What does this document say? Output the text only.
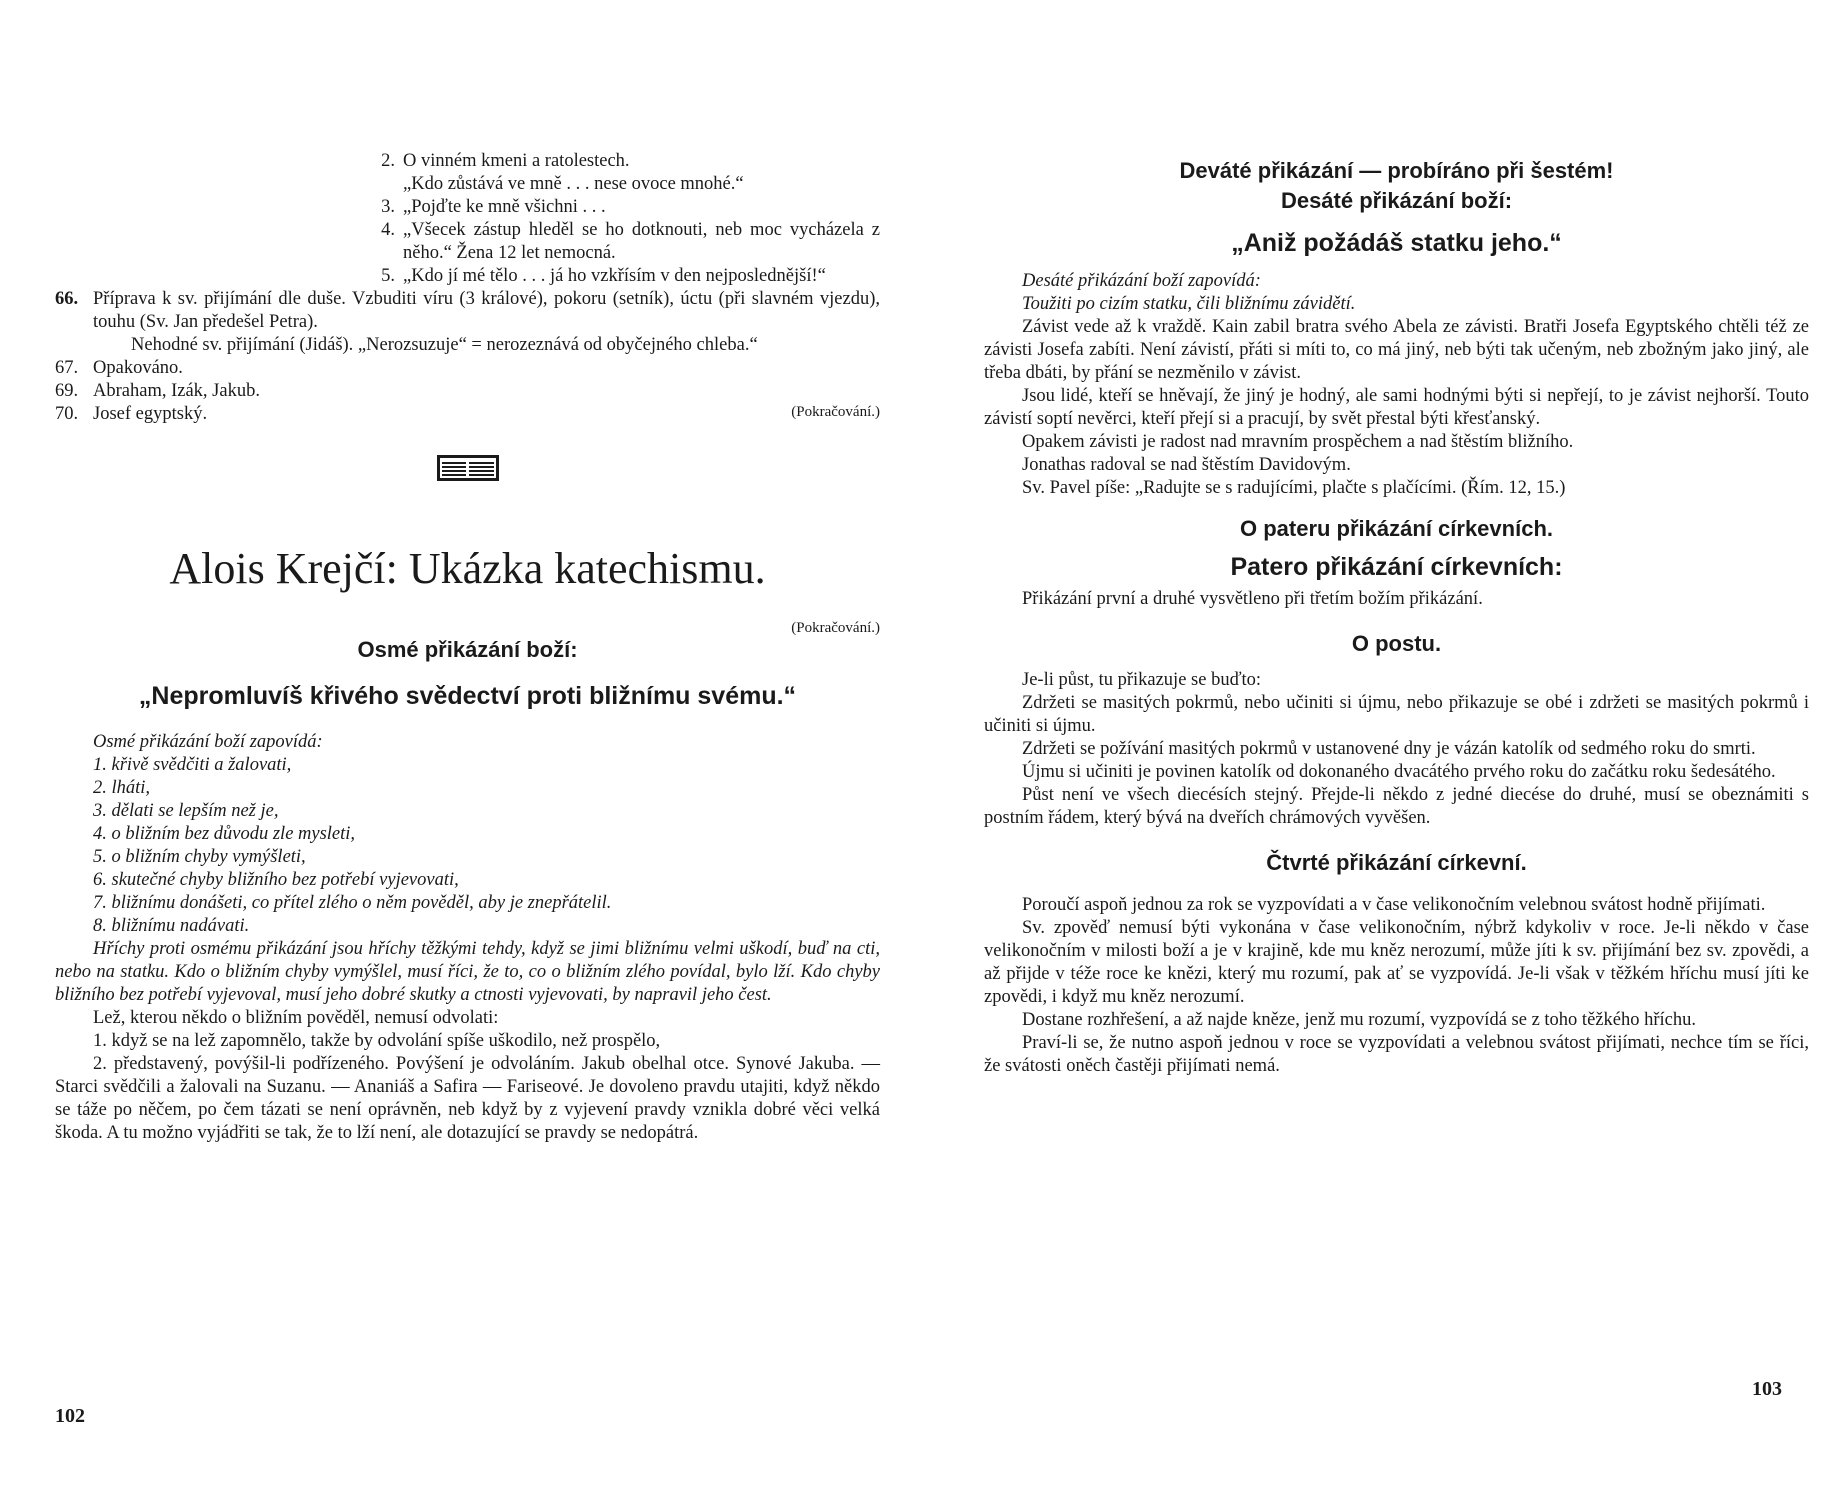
2. O vinném kmeni a ratolestech.
„Kdo zůstává ve mně . . . nese ovoce mnohé.“
3. „Pojďte ke mně všichni . . .
4. „Všecek zástup hleděl se ho dotknouti, neb moc vycházela z něho.“ Žena 12 let nemocná.
5. „Kdo jí mé tělo . . . já ho vzkřísím v den nejposlednější!“
66. Příprava k sv. přijímání dle duše. Vzbuditi víru (3 králové), pokoru (setník), úctu (při slavném vjezdu), touhu (Sv. Jan předešel Petra).
Nehodné sv. přijímání (Jidáš). „Nerozsuzuje“ = nerozeznává od obyčejného chleba.“
67. Opakováno.
69. Abraham, Izák, Jakub.
70. Josef egyptský.	(Pokračování.)

Alois Krejčí: Ukázka katechismu.

(Pokračování.)

Osmé přikázání boží:

„Nepromluvíš křivého svědectví proti bližnímu svému.“

Osmé přikázání boží zapovídá:

1. křivě svědčiti a žalovati,

2. lháti,

3. dělati se lepším než je,

4. o bližním bez důvodu zle mysleti,

5. o bližním chyby vymýšleti,

6. skutečné chyby bližního bez potřebí vyjevovati,

7. bližnímu donášeti, co přítel zlého o něm pověděl, aby je znepřátelil.

8. bližnímu nadávati.

Hříchy proti osmému přikázání jsou hříchy těžkými tehdy, když se jimi bližnímu velmi uškodí, buď na cti, nebo na statku. Kdo o bližním chyby vymýšlel, musí říci, že to, co o bližním zlého povídal, bylo lží. Kdo chyby bližního bez potřebí vyjevoval, musí jeho dobré skutky a ctnosti vyjevovati, by napravil jeho čest.

Lež, kterou někdo o bližním pověděl, nemusí odvolati:

1. když se na lež zapomnělo, takže by odvolání spíše uškodilo, než prospělo,

2. představený, povýšil-li podřízeného. Povýšení je odvoláním. Jakub obelhal otce. Synové Jakuba. — Starci svědčili a žalovali na Suzanu. — Ananiáš a Safira — Fariseové. Je dovoleno pravdu utajiti, když někdo se táže po něčem, po čem tázati se není oprávněn, neb když by z vyjevení pravdy vznikla dobré věci velká škoda. A tu možno vyjádřiti se tak, že to lží není, ale dotazující se pravdy se nedopátrá.

102

Deváté přikázání — probíráno při šestém!

Desáté přikázání boží:

„Aniž požádáš statku jeho.“

Desáté přikázání boží zapovídá:

Toužiti po cizím statku, čili bližnímu závidětí.

Závist vede až k vraždě. Kain zabil bratra svého Abela ze závisti. Bratři Josefa Egyptského chtěli též ze závisti Josefa zabíti. Není závistí, přáti si míti to, co má jiný, neb býti tak učeným, neb zbožným jako jiný, ale třeba dbáti, by přání se nezměnilo v závist.

Jsou lidé, kteří se hněvají, že jiný je hodný, ale sami hodnými býti si nepřejí, to je závist nejhorší. Touto závistí soptí nevěrci, kteří přejí si a pracují, by svět přestal býti křesťanský.

Opakem závisti je radost nad mravním prospěchem a nad štěstím bližního.

Jonathas radoval se nad štěstím Davidovým.

Sv. Pavel píše: „Radujte se s radujícími, plačte s plačícími. (Řím. 12, 15.)

O pateru přikázání církevních.

Patero přikázání církevních:

Přikázání první a druhé vysvětleno při třetím božím přikázání.

O postu.

Je-li půst, tu přikazuje se buďto:

Zdržeti se masitých pokrmů, nebo učiniti si újmu, nebo přikazuje se obé i zdržeti se masitých pokrmů i učiniti si újmu.

Zdržeti se požívání masitých pokrmů v ustanovené dny je vázán katolík od sedmého roku do smrti.

Újmu si učiniti je povinen katolík od dokonaného dvacátého prvého roku do začátku roku šedesátého.

Půst není ve všech diecésích stejný. Přejde-li někdo z jedné diecése do druhé, musí se obeznámiti s postním řádem, který bývá na dveřích chrámových vyvěšen.

Čtvrté přikázání církevní.

Poroučí aspoň jednou za rok se vyzpovídati a v čase velikonočním velebnou svátost hodně přijímati.

Sv. zpověď nemusí býti vykonána v čase velikonočním, nýbrž kdykoliv v roce. Je-li někdo v čase velikonočním v milosti boží a je v krajině, kde mu kněz nerozumí, může jíti k sv. přijímání bez sv. zpovědi, a až přijde v téže roce ke knězi, který mu rozumí, pak ať se vyzpovídá. Je-li však v těžkém hříchu musí jíti ke zpovědi, i když mu kněz nerozumí.

Dostane rozhřešení, a až najde kněze, jenž mu rozumí, vyzpovídá se z toho těžkého hříchu.

Praví-li se, že nutno aspoň jednou v roce se vyzpovídati a velebnou svátost přijímati, nechce tím se říci, že svátosti oněch častěji přijímati nemá.

103
